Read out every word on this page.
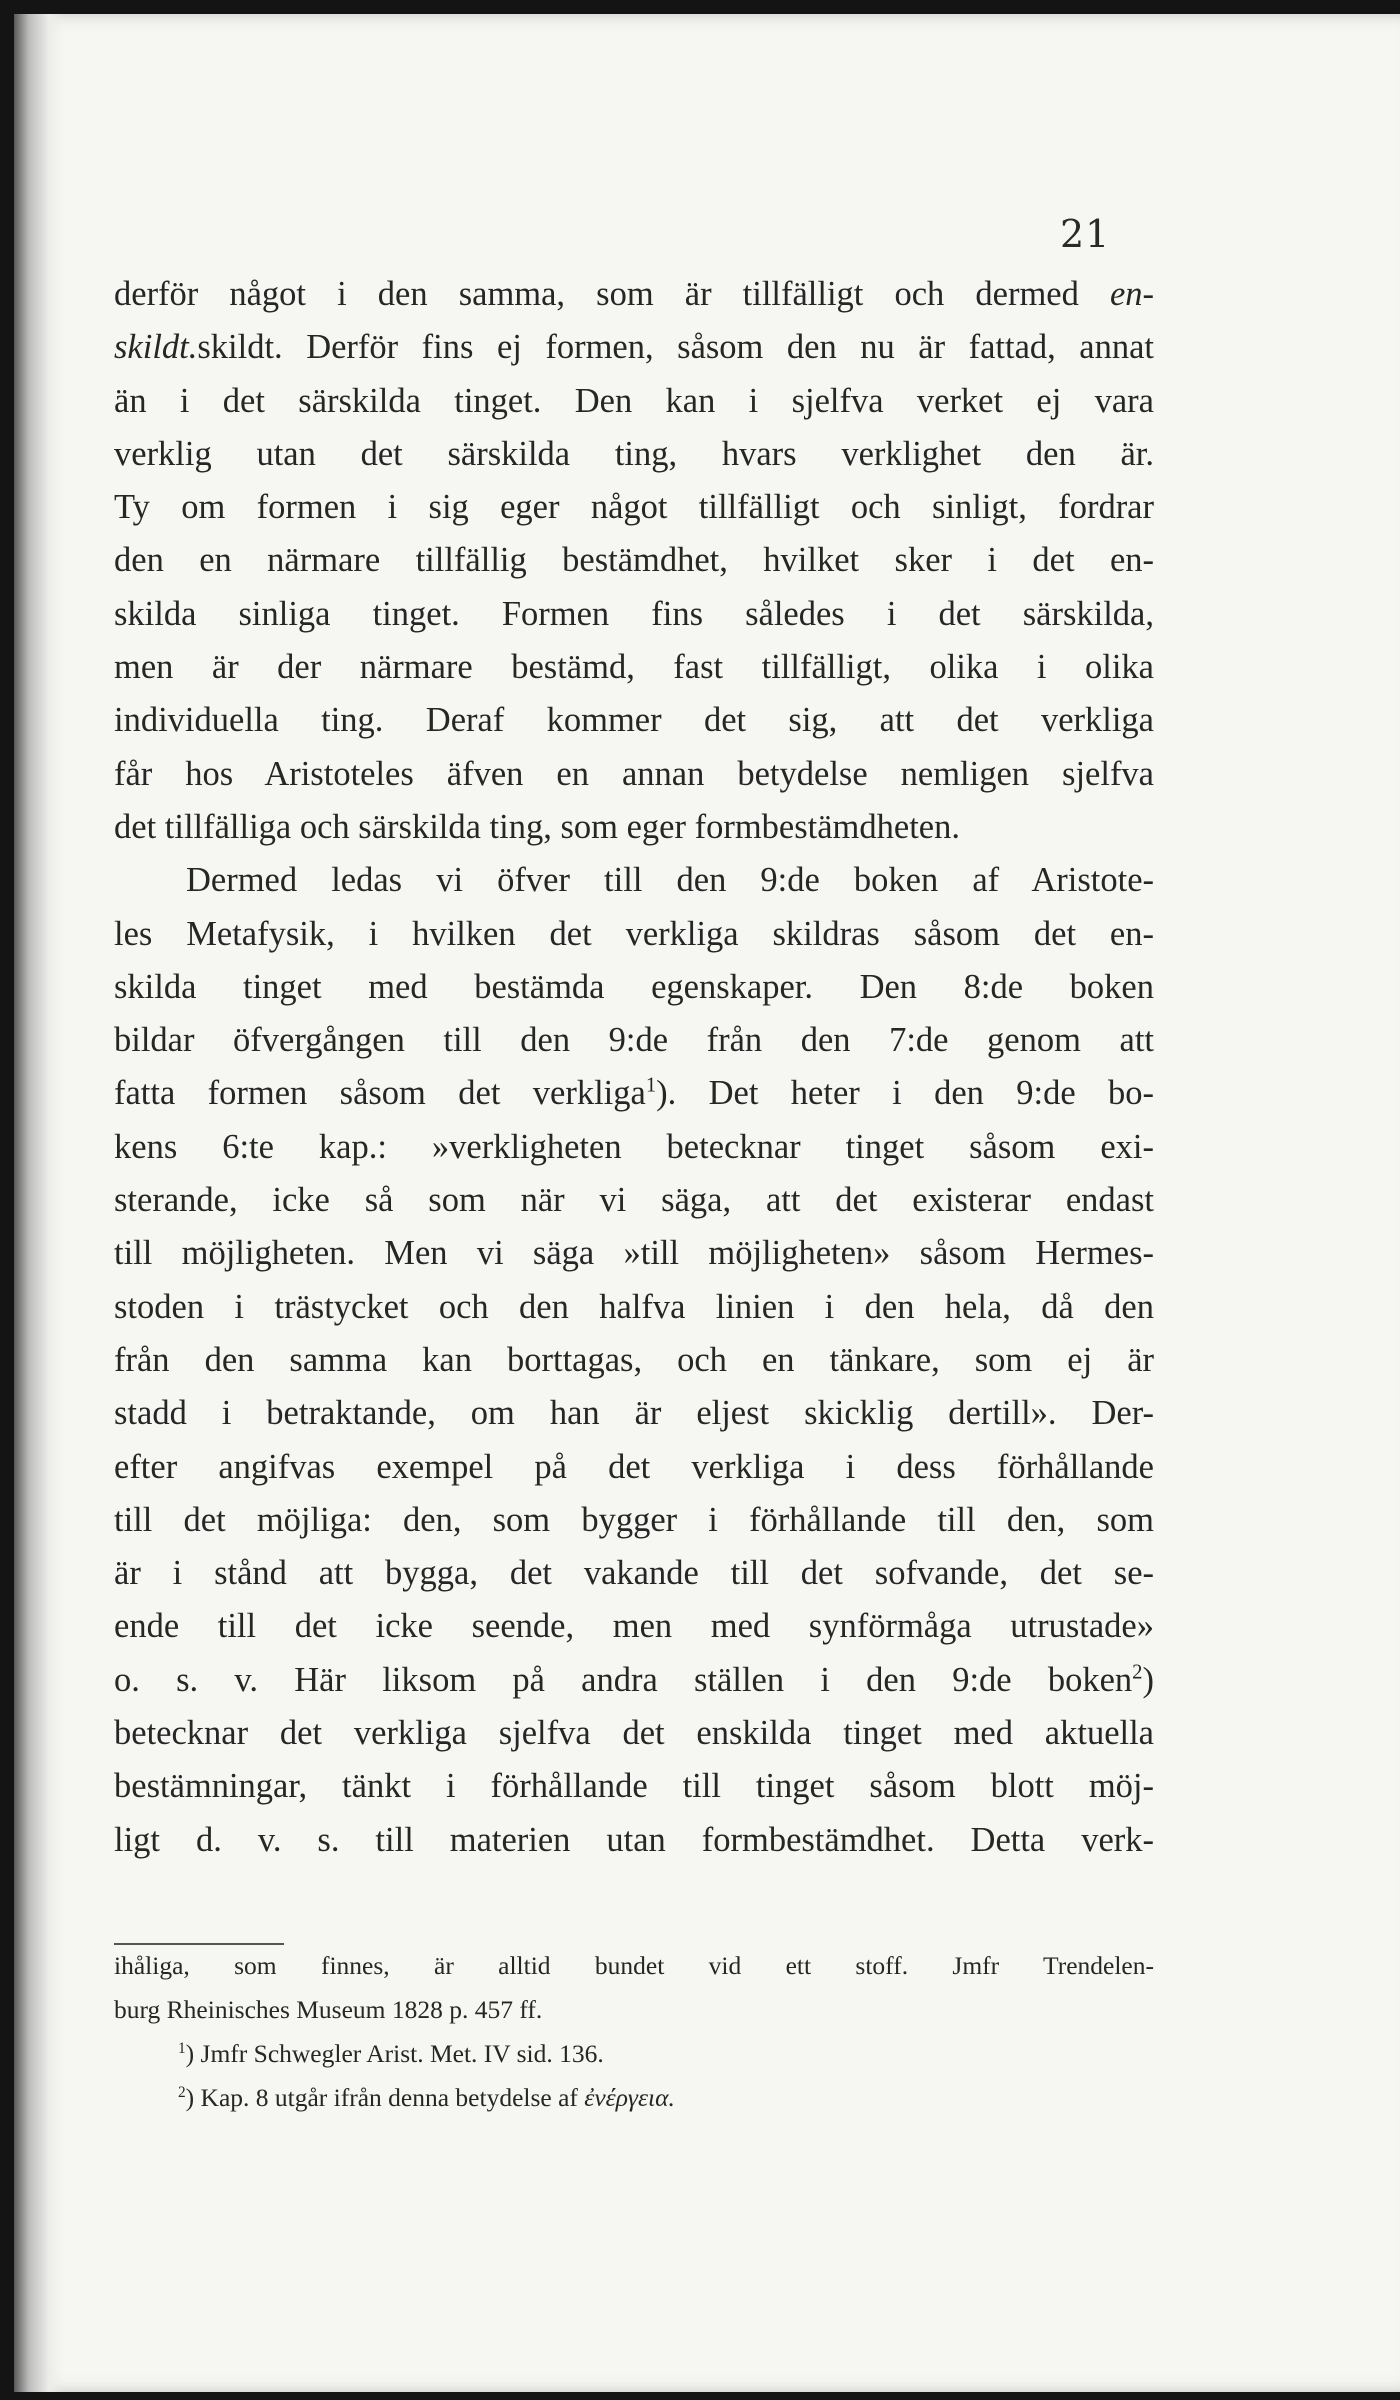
21
derför något i den samma, som är tillfälligt och dermed en-
skildt.skildt. Derför fins ej formen, såsom den nu är fattad, annat
än i det särskilda tinget. Den kan i sjelfva verket ej vara
verklig utan det särskilda ting, hvars verklighet den är.
Ty om formen i sig eger något tillfälligt och sinligt, fordrar
den en närmare tillfällig bestämdhet, hvilket sker i det en-
skilda sinliga tinget. Formen fins således i det särskilda,
men är der närmare bestämd, fast tillfälligt, olika i olika
individuella ting. Deraf kommer det sig, att det verkliga
får hos Aristoteles äfven en annan betydelse nemligen sjelfva
det tillfälliga och särskilda ting, som eger formbestämdheten.
Dermed ledas vi öfver till den 9:de boken af Aristote-
les Metafysik, i hvilken det verkliga skildras såsom det en-
skilda tinget med bestämda egenskaper. Den 8:de boken
bildar öfvergången till den 9:de från den 7:de genom att
fatta formen såsom det verkliga$^1$). Det heter i den 9:de bo-
kens 6:te kap.: »verkligheten betecknar tinget såsom exi-
sterande, icke så som när vi säga, att det existerar endast
till möjligheten. Men vi säga »till möjligheten» såsom Hermes-
stoden i trästycket och den halfva linien i den hela, då den
från den samma kan borttagas, och en tänkare, som ej är
stadd i betraktande, om han är eljest skicklig dertill». Der-
efter angifvas exempel på det verkliga i dess förhållande
till det möjliga: den, som bygger i förhållande till den, som
är i stånd att bygga, det vakande till det sofvande, det se-
ende till det icke seende, men med synförmåga utrustade»
o. s. v. Här liksom på andra ställen i den 9:de boken$^2$)
betecknar det verkliga sjelfva det enskilda tinget med aktuella
bestämningar, tänkt i förhållande till tinget såsom blott möj-
ligt d. v. s. till materien utan formbestämdhet. Detta verk-
ihåliga, som finnes, är alltid bundet vid ett stoff. Jmfr Trendelen-
burg Rheinisches Museum 1828 p. 457 ff.
$^1$) Jmfr Schwegler Arist. Met. IV sid. 136.
$^2$) Kap. 8 utgår ifrån denna betydelse af ἐνέργεια.
